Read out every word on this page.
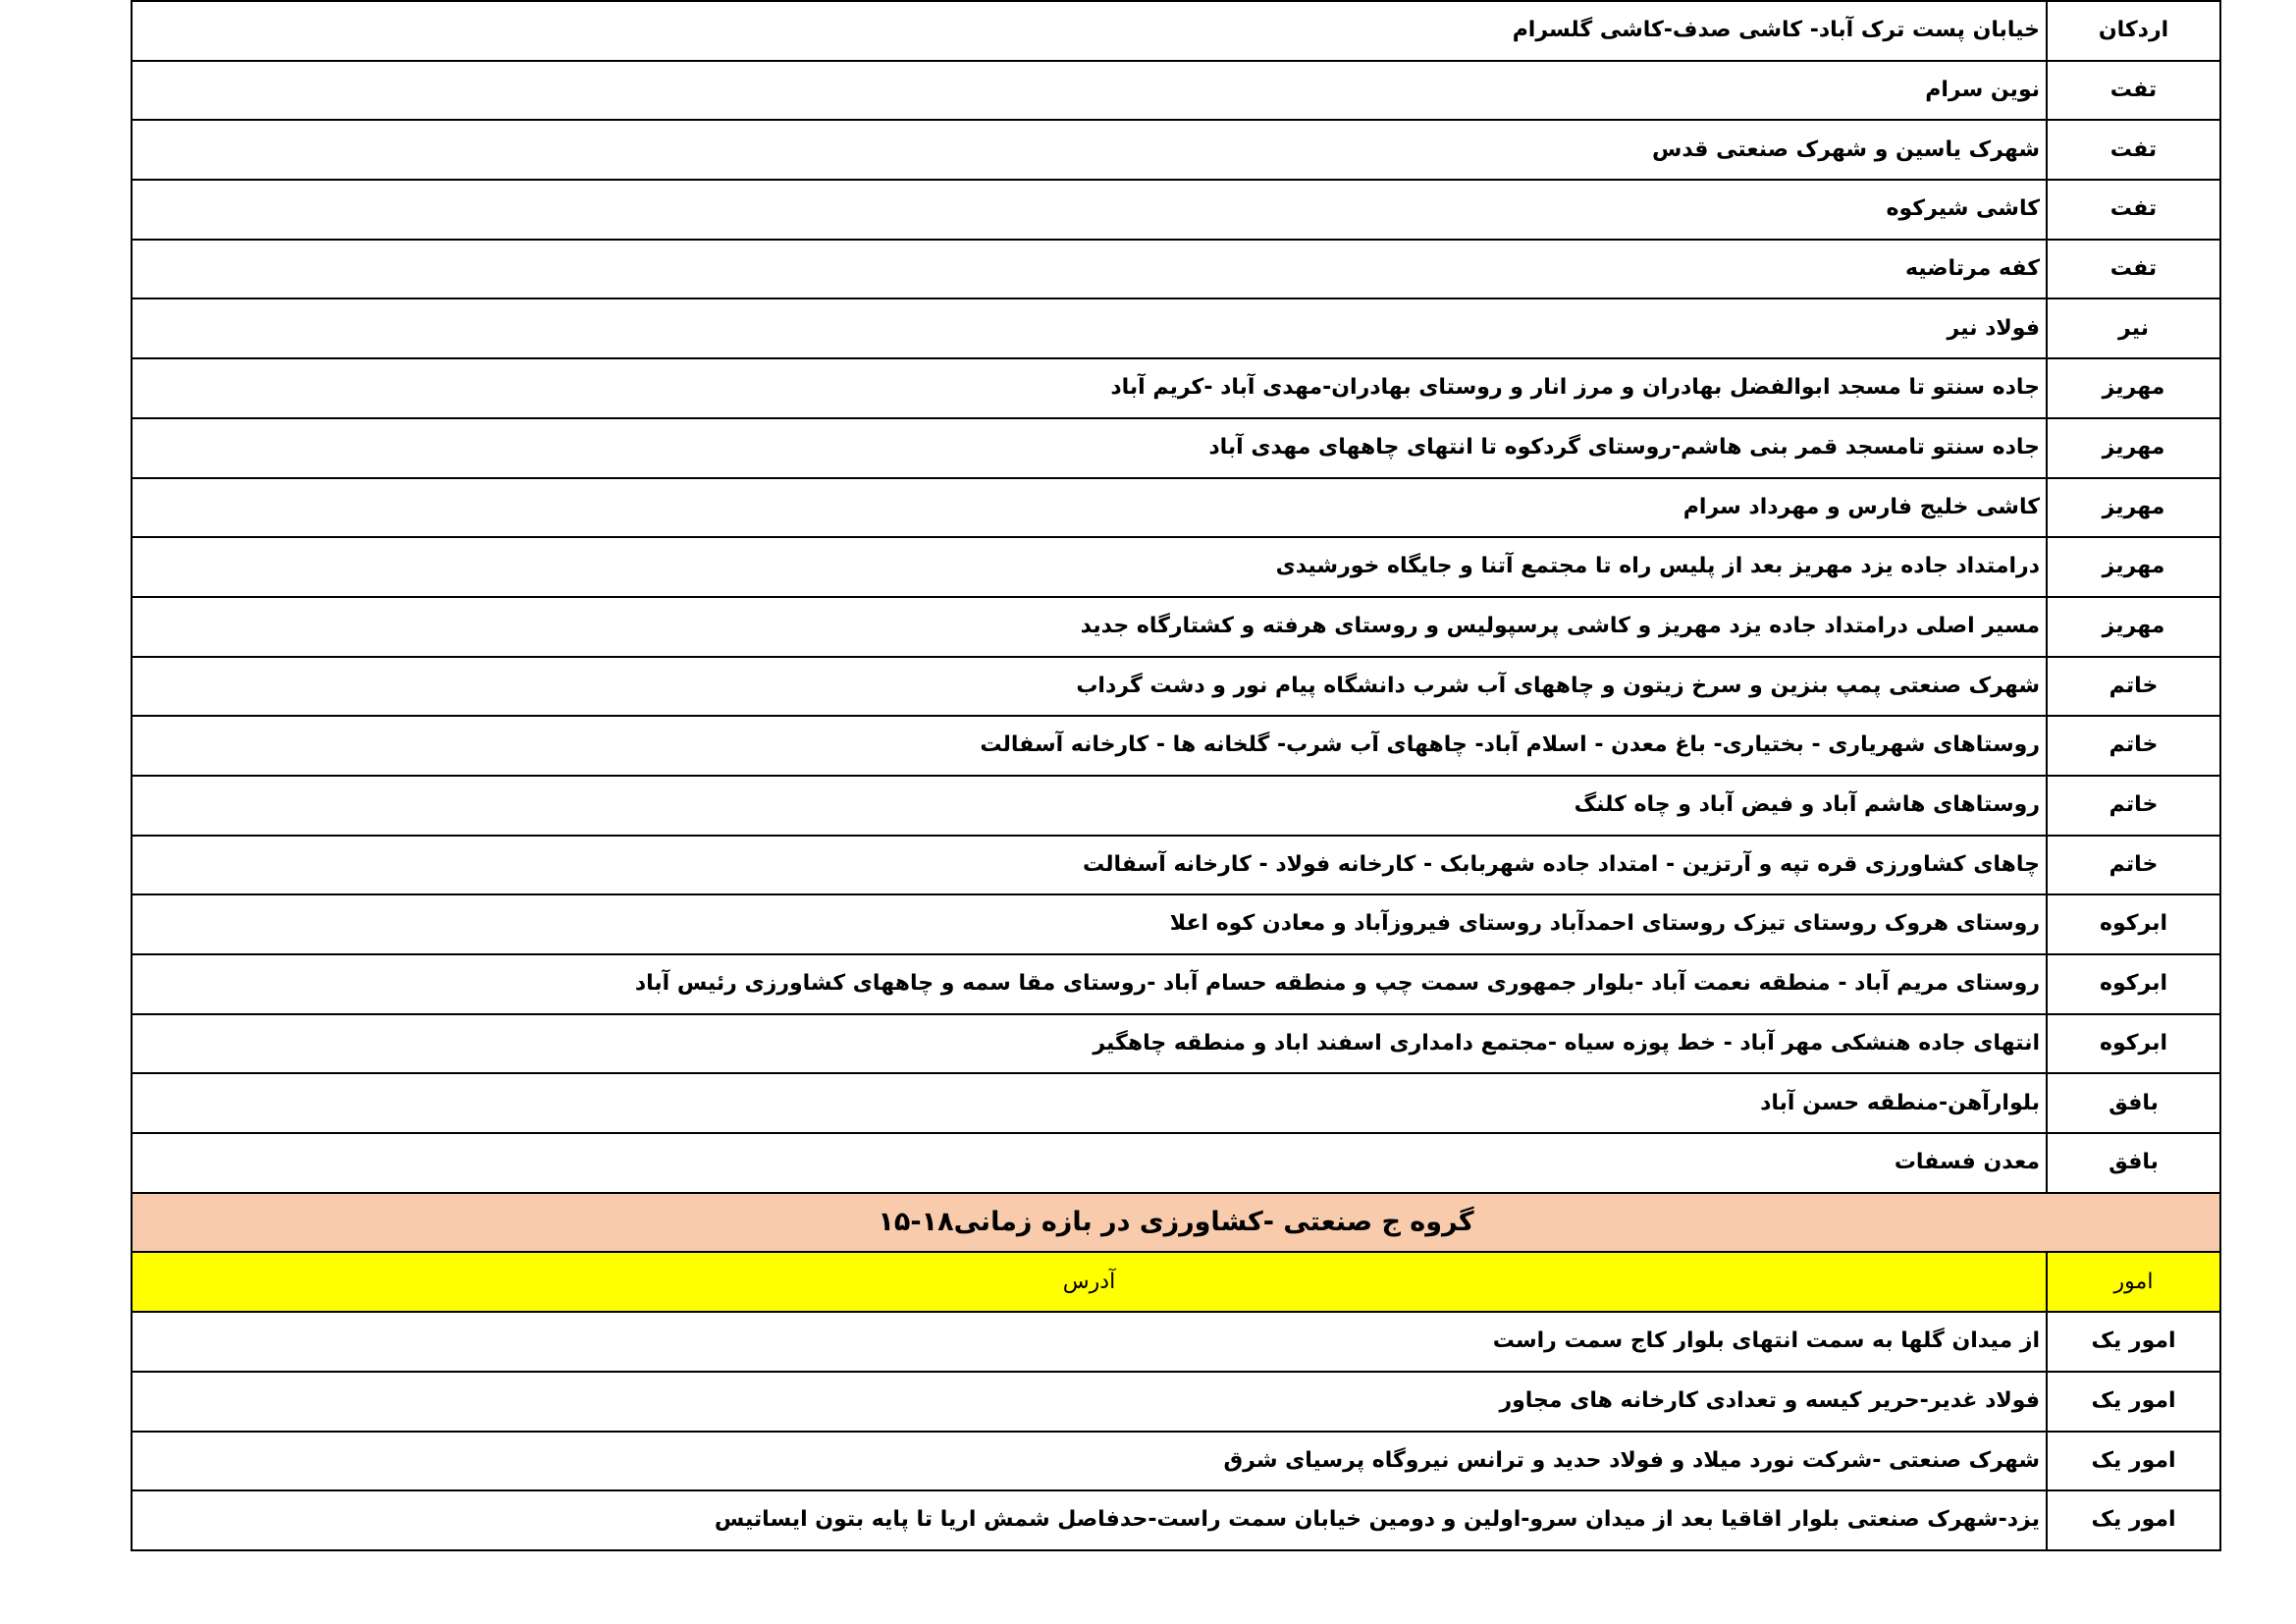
اردکان	خیابان پست ترک آباد- کاشی صدف-کاشی گلسرام
تفت	نوین سرام
تفت	شهرک یاسین و شهرک صنعتی قدس
تفت	کاشی شیرکوه
تفت	کفه مرتاضیه
نیر	فولاد نیر
مهریز	جاده سنتو تا مسجد ابوالفضل بهادران و مرز انار و روستای بهادران-مهدی آباد -کریم آباد
مهریز	جاده سنتو تامسجد قمر بنی هاشم-روستای گردکوه تا انتهای چاههای مهدی آباد
مهریز	کاشی خلیج فارس و مهرداد سرام
مهریز	درامتداد جاده یزد مهریز بعد از پلیس راه تا مجتمع آتنا و جایگاه خورشیدی
مهریز	مسیر اصلی درامتداد جاده یزد مهریز و کاشی پرسپولیس و روستای هرفته و کشتارگاه جدید
خاتم	شهرک صنعتی پمپ بنزین و سرخ زیتون و چاههای آب شرب دانشگاه پیام نور و دشت گرداب
خاتم	روستاهای شهریاری - بختیاری- باغ معدن - اسلام آباد- چاههای آب شرب- گلخانه ها - کارخانه آسفالت
خاتم	روستاهای هاشم آباد و فیض آباد و چاه کلنگ
خاتم	چاهای کشاورزی قره تپه و آرتزین - امتداد جاده شهربابک - کارخانه فولاد - کارخانه آسفالت
ابرکوه	روستای هروک روستای تیزک روستای احمدآباد روستای فیروزآباد و معادن کوه اعلا
ابرکوه	روستای مریم آباد - منطقه نعمت آباد -بلوار جمهوری سمت چپ و منطقه حسام آباد -روستای مقا سمه و چاههای کشاورزی رئیس آباد
ابرکوه	انتهای جاده هنشکی مهر آباد - خط پوزه سیاه -مجتمع دامداری اسفند اباد و منطقه چاهگیر
بافق	بلوارآهن-منطقه حسن آباد
بافق	معدن فسفات
گروه ج صنعتی -کشاورزی در بازه زمانی۱۸-۱۵	
امور	آدرس
امور یک	از میدان گلها به سمت انتهای بلوار کاج سمت راست
امور یک	فولاد غدیر-حریر کیسه و تعدادی کارخانه های مجاور
امور یک	شهرک صنعتی -شرکت نورد میلاد و فولاد حدید و ترانس نیروگاه پرسیای شرق
امور یک	یزد-شهرک صنعتی بلوار اقاقیا بعد از میدان سرو-اولین و دومین خیابان سمت راست-حدفاصل شمش اریا تا پایه بتون ایساتیس
